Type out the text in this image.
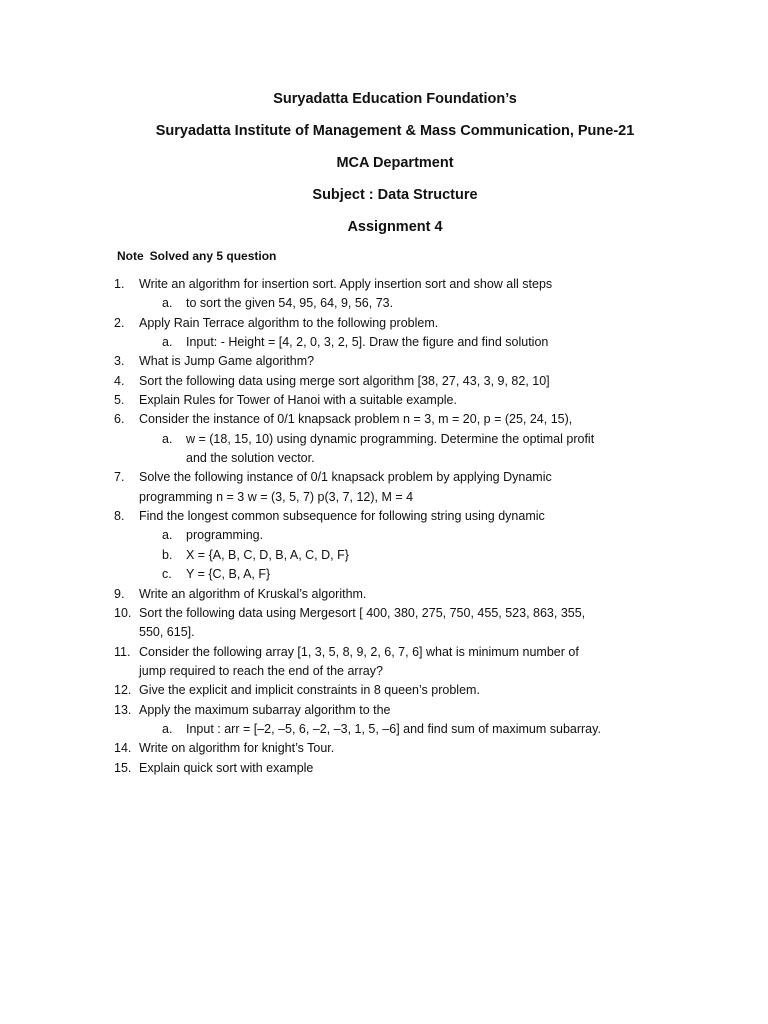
Suryadatta Education Foundation’s
Suryadatta Institute of Management & Mass Communication, Pune-21
MCA Department
Subject : Data Structure
Assignment 4
Note Solved any 5 question
1.	Write an algorithm for insertion sort. Apply insertion sort and show all steps
a. to sort the given 54, 95, 64, 9, 56, 73.
2.	Apply Rain Terrace algorithm to the following problem.
a. Input: - Height = [4, 2, 0, 3, 2, 5]. Draw the figure and find solution
3.	What is Jump Game algorithm?
4.	Sort the following data using merge sort algorithm [38, 27, 43, 3, 9, 82, 10]
5.	Explain Rules for Tower of Hanoi with a suitable example.
6.	Consider the instance of 0/1 knapsack problem n = 3, m = 20, p = (25, 24, 15),
a. w = (18, 15, 10) using dynamic programming. Determine the optimal profit
and the solution vector.
7.	Solve the following instance of 0/1 knapsack problem by applying Dynamic
programming n = 3 w = (3, 5, 7) p(3, 7, 12), M = 4
8.	Find the longest common subsequence for following string using dynamic
a. programming.
b. X = {A, B, C, D, B, A, C, D, F}
c. Y = {C, B, A, F}
9.	Write an algorithm of Kruskal’s algorithm.
10. Sort the following data using Mergesort [ 400, 380, 275, 750, 455, 523, 863, 355,
550, 615].
11. Consider the following array [1, 3, 5, 8, 9, 2, 6, 7, 6] what is minimum number of
jump required to reach the end of the array?
12. Give the explicit and implicit constraints in 8 queen’s problem.
13. Apply the maximum subarray algorithm to the
a. Input : arr = [–2, –5, 6, –2, –3, 1, 5, –6] and find sum of maximum subarray.
14. Write on algorithm for knight’s Tour.
15. Explain quick sort with example
